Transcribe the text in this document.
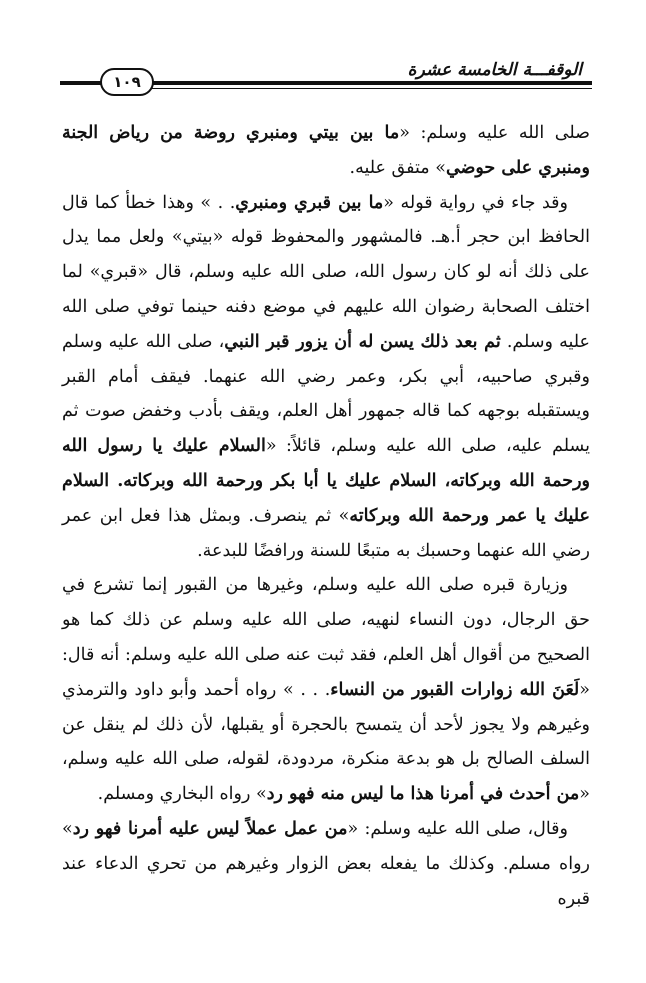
الوقفـــة الخامسة عشرة
١٠٩

صلى الله عليه وسلم: «ما بين بيتي ومنبري روضة من رياض الجنة ومنبري على حوضي» متفق عليه.

وقد جاء في رواية قوله «ما بين قبري ومنبري. . » وهذا خطأ كما قال الحافظ ابن حجر أ.هـ. فالمشهور والمحفوظ قوله «بيتي» ولعل مما يدل على ذلك أنه لو كان رسول الله، صلى الله عليه وسلم، قال «قبري» لما اختلف الصحابة رضوان الله عليهم في موضع دفنه حينما توفي صلى الله عليه وسلم. ثم بعد ذلك يسن له أن يزور قبر النبي، صلى الله عليه وسلم وقبري صاحبيه، أبي بكر، وعمر رضي الله عنهما. فيقف أمام القبر ويستقبله بوجهه كما قاله جمهور أهل العلم، ويقف بأدب وخفض صوت ثم يسلم عليه، صلى الله عليه وسلم، قائلاً: «السلام عليك يا رسول الله ورحمة الله وبركاته، السلام عليك يا أبا بكر ورحمة الله وبركاته. السلام عليك يا عمر ورحمة الله وبركاته» ثم ينصرف. وبمثل هذا فعل ابن عمر رضي الله عنهما وحسبك به متبعًا للسنة ورافضًا للبدعة.

وزيارة قبره صلى الله عليه وسلم، وغيرها من القبور إنما تشرع في حق الرجال، دون النساء لنهيه، صلى الله عليه وسلم عن ذلك كما هو الصحيح من أقوال أهل العلم، فقد ثبت عنه صلى الله عليه وسلم: أنه قال: «لَعَنَ الله زوارات القبور من النساء. . . » رواه أحمد وأبو داود والترمذي وغيرهم ولا يجوز لأحد أن يتمسح بالحجرة أو يقبلها، لأن ذلك لم ينقل عن السلف الصالح بل هو بدعة منكرة، مردودة، لقوله، صلى الله عليه وسلم، «من أحدث في أمرنا هذا ما ليس منه فهو رد» رواه البخاري ومسلم.

وقال، صلى الله عليه وسلم: «من عمل عملاً ليس عليه أمرنا فهو رد» رواه مسلم. وكذلك ما يفعله بعض الزوار وغيرهم من تحري الدعاء عند قبره
